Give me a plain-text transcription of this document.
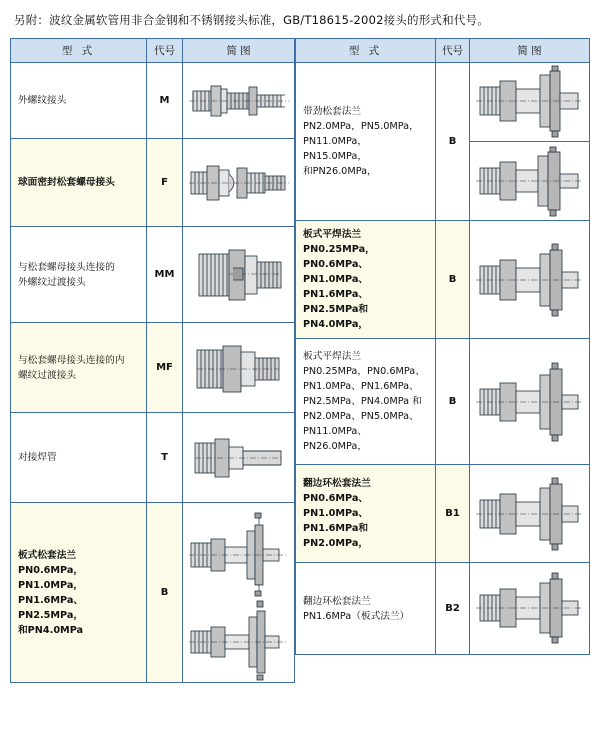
另附：波纹金属软管用非合金钢和不锈钢接头标准，GB/T18615-2002接头的形式和代号。
型 式	代号	简 图

外螺纹接头	M	

球面密封松套螺母接头	F	

与松套螺母接头连接的
外螺纹过渡接头	MM	

与松套螺母接头连接的内
螺纹过渡接头	MF	

对接焊管	T	

板式松套法兰
PN0.6MPa，PN1.0MPa，
PN1.6MPa、PN2.5MPa，
和PN4.0MPa	B	
型 式	代号	简 图

带劲松套法兰
PN2.0MPa，PN5.0MPa，
PN11.0MPa，PN15.0MPa，
和PN26.0MPa，	B	

板式平焊法兰
PN0.25MPa，PN0.6MPa、
PN1.0MPa、PN1.6MPa、
PN2.5MPa和PN4.0MPa，	B	

板式平焊法兰
PN0.25MPa，PN0.6MPa、
PN1.0MPa、PN1.6MPa、
PN2.5MPa、PN4.0MPa 和
PN2.0MPa、PN5.0MPa、
PN11.0MPa、PN26.0MPa，
	B	

翻边环松套法兰
PN0.6MPa、PN1.0MPa、
PN1.6MPa和PN2.0MPa，	B1	

翻边环松套法兰
PN1.6MPa（板式法兰）	B2	
